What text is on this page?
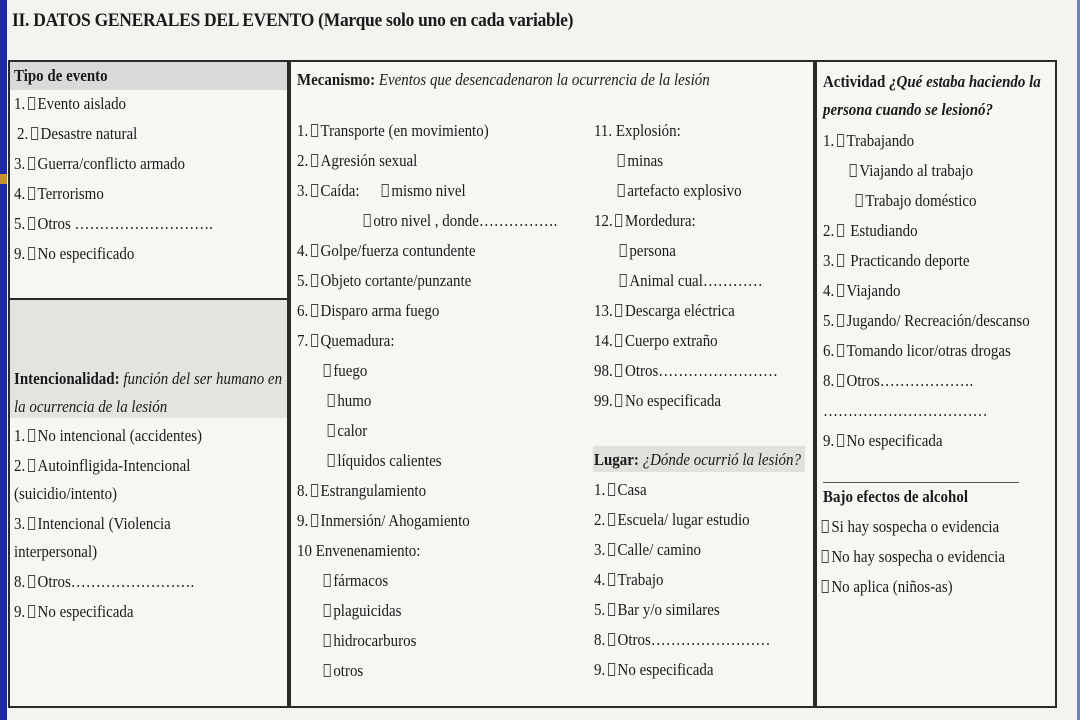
II. DATOS GENERALES DEL EVENTO (Marque solo uno en cada variable)
Tipo de evento
1. Evento aislado
2. Desastre natural
3. Guerra/conflicto armado
4. Terrorismo
5. Otros ……………………….
9. No especificado
Intencionalidad: función del ser humano en
la ocurrencia de la lesión
1. No intencional (accidentes)
2. Autoinfligida-Intencional
(suicidio/intento)
3. Intencional (Violencia
interpersonal)
8. Otros…………………….
9. No especificada
Mecanismo: Eventos que desencadenaron la ocurrencia de la lesión
1. Transporte (en movimiento)
2. Agresión sexual
3. Caída:	mismo nivel
otro nivel , donde…………….
4. Golpe/fuerza contundente
5. Objeto cortante/punzante
6. Disparo arma fuego
7. Quemadura:
fuego
humo
calor
líquidos calientes
8. Estrangulamiento
9. Inmersión/ Ahogamiento
10 Envenenamiento:
fármacos
plaguicidas
hidrocarburos
otros
11. Explosión:
minas
artefacto explosivo
12. Mordedura:
persona
Animal cual…………
13. Descarga eléctrica
14. Cuerpo extraño
98. Otros……………………
99. No especificada
Lugar: ¿Dónde ocurrió la lesión?
1. Casa
2. Escuela/ lugar estudio
3. Calle/ camino
4. Trabajo
5. Bar y/o similares
8. Otros……………………
9. No especificada
Actividad ¿Qué estaba haciendo la
persona cuando se lesionó?
1. Trabajando
Viajando al trabajo
Trabajo doméstico
2. Estudiando
3. Practicando deporte
4. Viajando
5. Jugando/ Recreación/descanso
6. Tomando licor/otras drogas
8. Otros……………….
……………………………
9. No especificada
Bajo efectos de alcohol
Si hay sospecha o evidencia
No hay sospecha o evidencia
No aplica (niños-as)
